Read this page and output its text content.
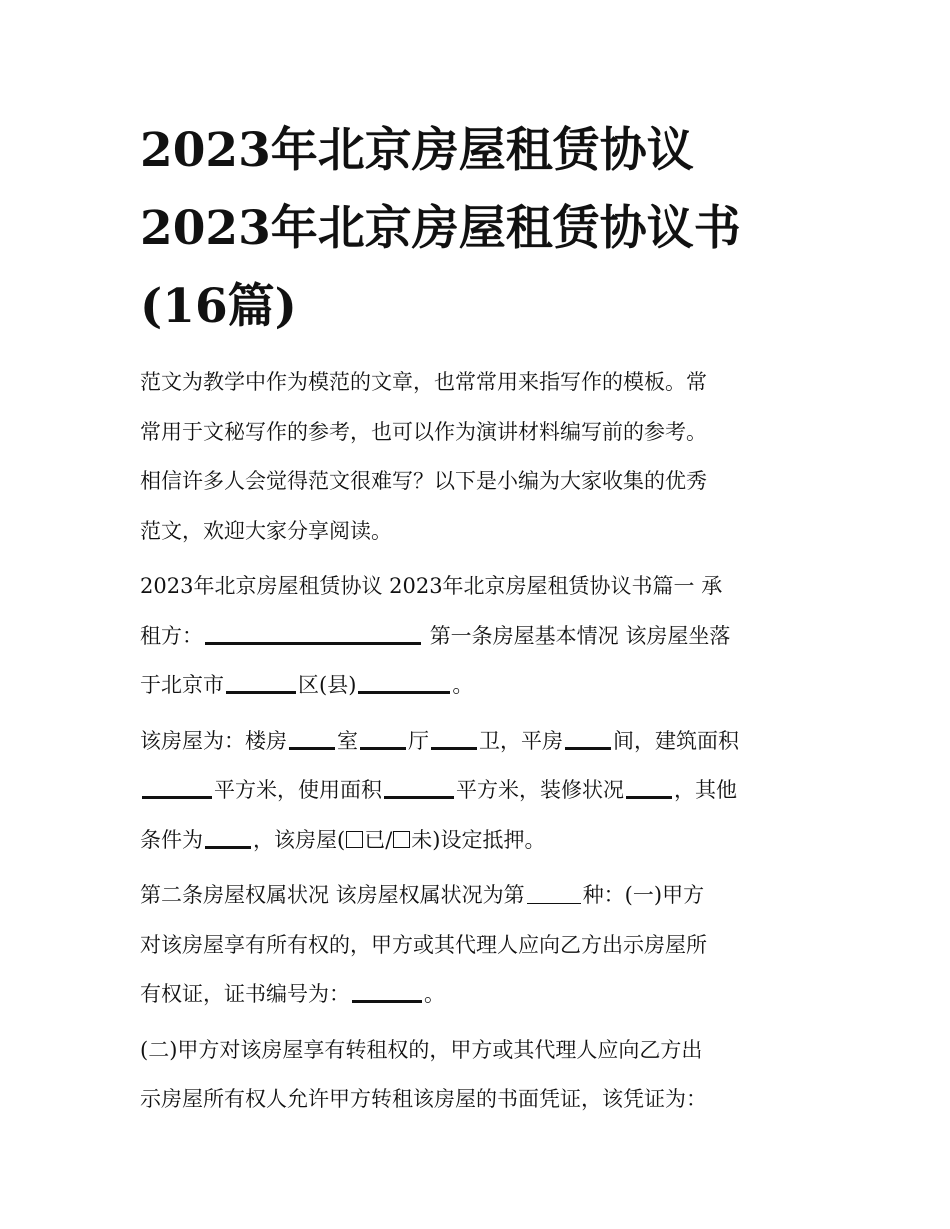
2023年北京房屋租赁协议
2023年北京房屋租赁协议书
(16篇)

范文为教学中作为模范的文章，也常常用来指写作的模板。常
常用于文秘写作的参考，也可以作为演讲材料编写前的参考。
相信许多人会觉得范文很难写？以下是小编为大家收集的优秀
范文，欢迎大家分享阅读。

2023年北京房屋租赁协议 2023年北京房屋租赁协议书篇一 承
租方：	第一条房屋基本情况 该房屋坐落
于北京市	区(县)	。

该房屋为：楼房 室 厅 卫，平房 间，建筑面积
平方米，使用面积	平方米，装修状况 ，其他
条件为 ，该房屋( 已/ 未)设定抵押。

第二条房屋权属状况 该房屋权属状况为第	种：(一)甲方
对该房屋享有所有权的，甲方或其代理人应向乙方出示房屋所
有权证，证书编号为：	。

(二)甲方对该房屋享有转租权的，甲方或其代理人应向乙方出
示房屋所有权人允许甲方转租该房屋的书面凭证，该凭证为：
